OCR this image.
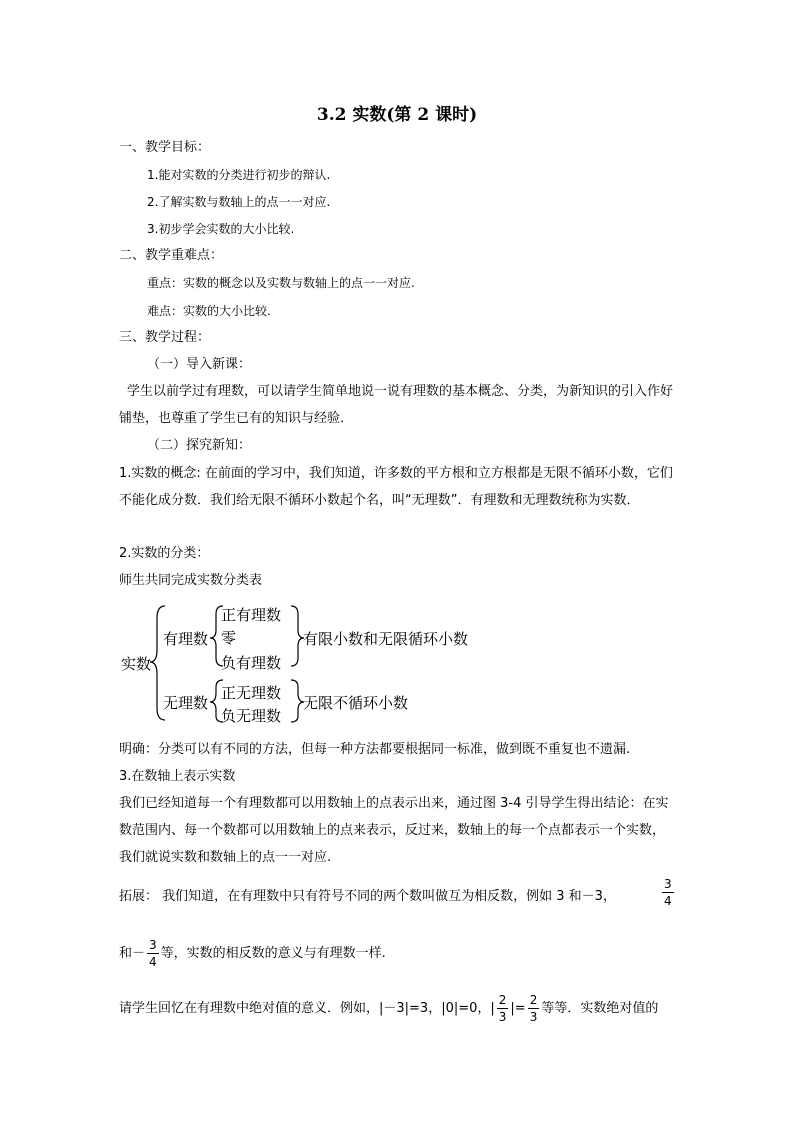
3.2 实数(第 2 课时)
一、教学目标：
1.能对实数的分类进行初步的辩认.
2.了解实数与数轴上的点一一对应.
3.初步学会实数的大小比较.
二、教学重难点：
重点：实数的概念以及实数与数轴上的点一一对应.
难点：实数的大小比较.
三、教学过程：
（一）导入新课：
学生以前学过有理数，可以请学生简单地说一说有理数的基本概念、分类，为新知识的引入作好铺垫，也尊重了学生已有的知识与经验．
（二）探究新知：
1.实数的概念: 在前面的学习中，我们知道，许多数的平方根和立方根都是无限不循环小数，它们不能化成分数．我们给无限不循环小数起个名，叫“无理数”．有理数和无理数统称为实数．
2.实数的分类：
师生共同完成实数分类表
实数
有理数
无理数
正有理数
零
负有理数
正无理数
负无理数
有限小数和无限循环小数
无限不循环小数
明确：分类可以有不同的方法，但每一种方法都要根据同一标准，做到既不重复也不遗漏.
3.在数轴上表示实数
我们已经知道每一个有理数都可以用数轴上的点表示出来，通过图 3-4 引导学生得出结论：在实数范围内、每一个数都可以用数轴上的点来表示，反过来，数轴上的每一个点都表示一个实数，我们就说实数和数轴上的点一一对应.
拓展： 我们知道，在有理数中只有符号不同的两个数叫做互为相反数，例如 3 和－3，	$\frac{3}{4}$
和－ $\frac{3}{4}$ 等，实数的相反数的意义与有理数一样.
请学生回忆在有理数中绝对值的意义．例如，|－3|=3，|0|=0，| $\frac{2}{3}$ |= $\frac{2}{3}$ 等等．实数绝对值的
